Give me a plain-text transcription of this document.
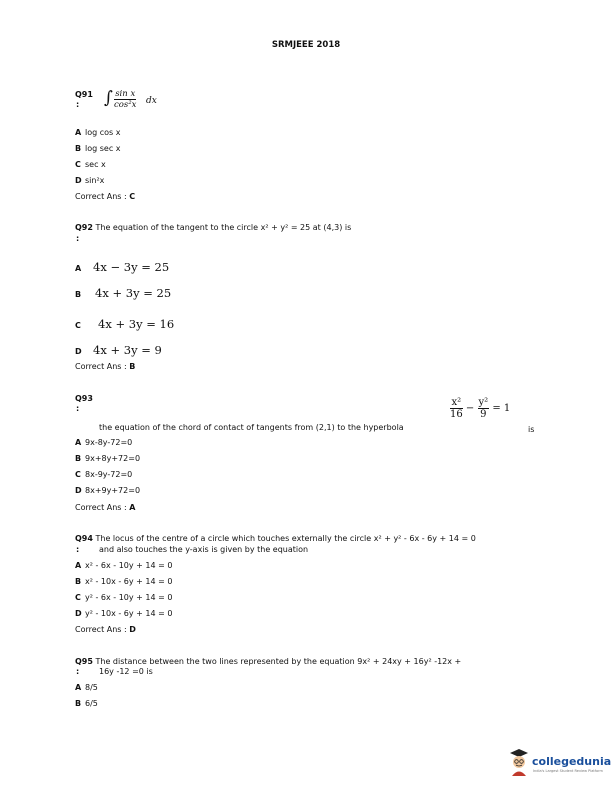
SRMJEEE 2018
Q91
: ∫ $\frac{\text{sin x}}{\text{cos²x}}$ dx
A log cos x
B log sec x
C sec x
D sin²x
Correct Ans : C
Q92 The equation of the tangent to the circle x² + y² = 25 at (4,3) is
:
A 4x − 3y = 25
B 4x + 3y = 25
C 4x + 3y = 16
D 4x + 3y = 9
Correct Ans : B
Q93
:
the equation of the chord of contact of tangents from (2,1) to the hyperbola
$\frac{\text{x²}}{16} - \frac{\text{y²}}{9} = 1$
is
A 9x-8y-72=0
B 9x+8y+72=0
C 8x-9y-72=0
D 8x+9y+72=0
Correct Ans : A
Q94 The locus of the centre of a circle which touches externally the circle x² + y² - 6x - 6y + 14 = 0
: and also touches the y-axis is given by the equation
A x² - 6x - 10y + 14 = 0
B x² - 10x - 6y + 14 = 0
C y² - 6x - 10y + 14 = 0
D y² - 10x - 6y + 14 = 0
Correct Ans : D
Q95 The distance between the two lines represented by the equation 9x² + 24xy + 16y² -12x +
: 16y -12 =0 is
A 8/5
B 6/5
collegedunia
India's Largest Student Review Platform
